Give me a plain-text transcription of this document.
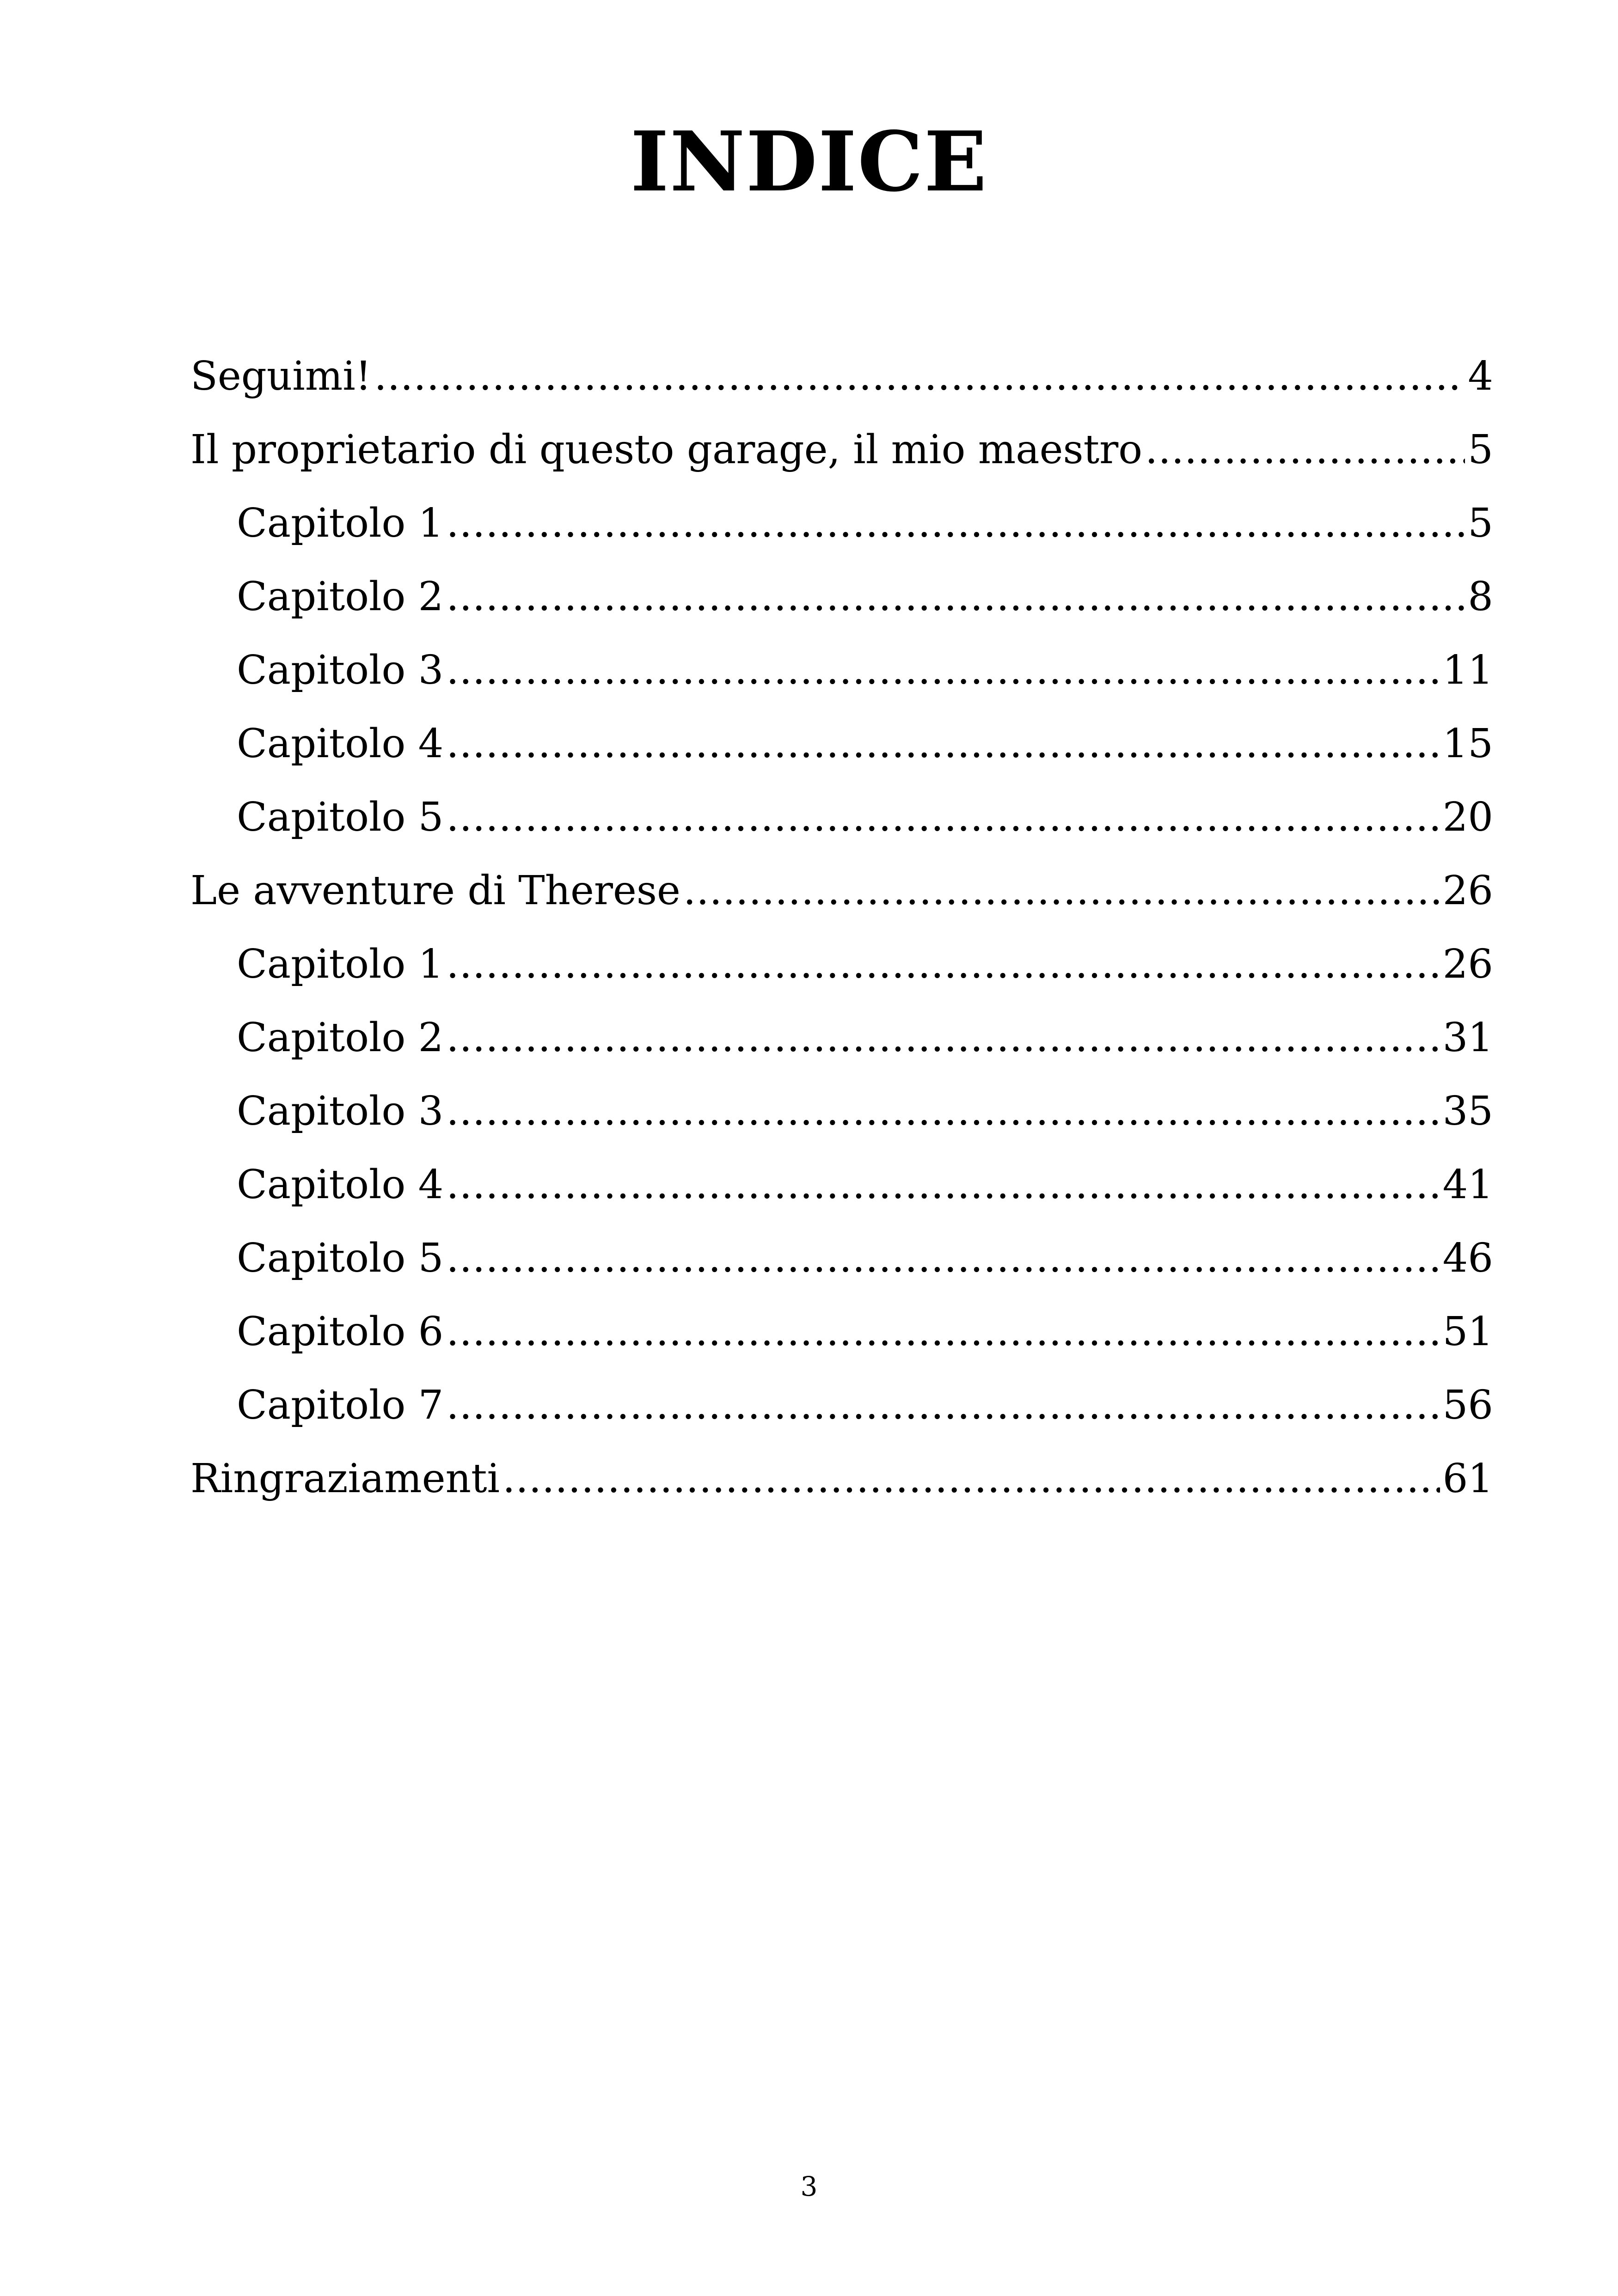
INDICE
Seguimi! .....	4
Il proprietario di questo garage, il mio maestro .....	5
Capitolo 1 .....	5
Capitolo 2 .....	8
Capitolo 3 .....	11
Capitolo 4 .....	15
Capitolo 5 .....	20
Le avventure di Therese .....	26
Capitolo 1 .....	26
Capitolo 2 .....	31
Capitolo 3 .....	35
Capitolo 4 .....	41
Capitolo 5 .....	46
Capitolo 6 .....	51
Capitolo 7 .....	56
Ringraziamenti .....	61
3
